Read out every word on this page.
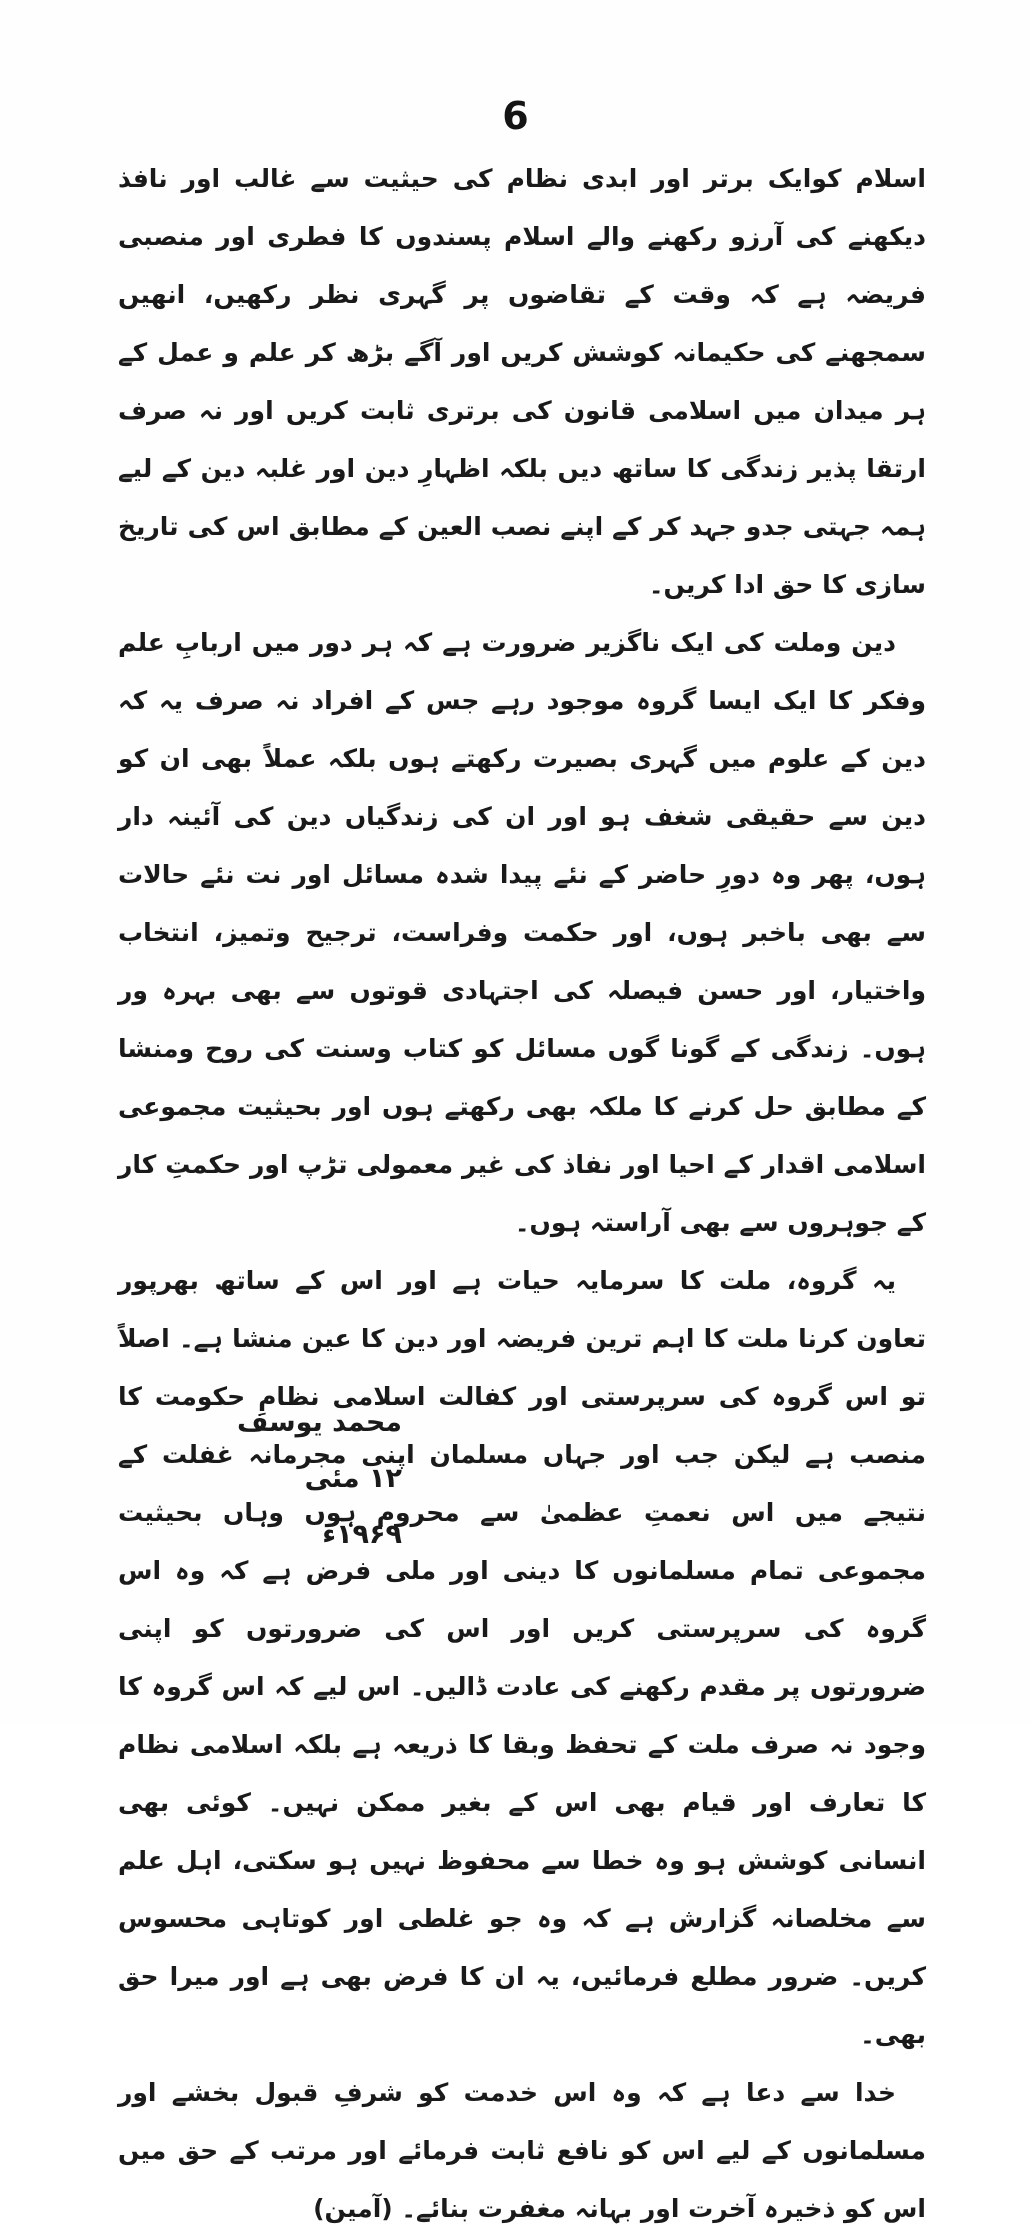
6

اسلام کوایک برتر اور ابدی نظام کی حیثیت سے غالب اور نافذ دیکھنے کی آرزو رکھنے والے اسلام پسندوں کا فطری اور منصبی فریضہ ہے کہ وقت کے تقاضوں پر گہری نظر رکھیں، انھیں سمجھنے کی حکیمانہ کوشش کریں اور آگے بڑھ کر علم و عمل کے ہر میدان میں اسلامی قانون کی برتری ثابت کریں اور نہ صرف ارتقا پذیر زندگی کا ساتھ دیں بلکہ اظہارِ دین اور غلبہ دین کے لیے ہمہ جہتی جدو جہد کر کے اپنے نصب العین کے مطابق اس کی تاریخ سازی کا حق ادا کریں۔

دین وملت کی ایک ناگزیر ضرورت ہے کہ ہر دور میں اربابِ علم وفکر کا ایک ایسا گروہ موجود رہے جس کے افراد نہ صرف یہ کہ دین کے علوم میں گہری بصیرت رکھتے ہوں بلکہ عملاً بھی ان کو دین سے حقیقی شغف ہو اور ان کی زندگیاں دین کی آئینہ دار ہوں، پھر وہ دورِ حاضر کے نئے پیدا شدہ مسائل اور نت نئے حالات سے بھی باخبر ہوں، اور حکمت وفراست، ترجیح وتمیز، انتخاب واختیار، اور حسن فیصلہ کی اجتہادی قوتوں سے بھی بہرہ ور ہوں۔ زندگی کے گونا گوں مسائل کو کتاب وسنت کی روح ومنشا کے مطابق حل کرنے کا ملکہ بھی رکھتے ہوں اور بحیثیت مجموعی اسلامی اقدار کے احیا اور نفاذ کی غیر معمولی تڑپ اور حکمتِ کار کے جوہروں سے بھی آراستہ ہوں۔

یہ گروہ، ملت کا سرمایہ حیات ہے اور اس کے ساتھ بھرپور تعاون کرنا ملت کا اہم ترین فریضہ اور دین کا عین منشا ہے۔ اصلاً تو اس گروہ کی سرپرستی اور کفالت اسلامی نظامِ حکومت کا منصب ہے لیکن جب اور جہاں مسلمان اپنی مجرمانہ غفلت کے نتیجے میں اس نعمتِ عظمیٰ سے محروم ہوں وہاں بحیثیت مجموعی تمام مسلمانوں کا دینی اور ملی فرض ہے کہ وہ اس گروہ کی سرپرستی کریں اور اس کی ضرورتوں کو اپنی ضرورتوں پر مقدم رکھنے کی عادت ڈالیں۔ اس لیے کہ اس گروہ کا وجود نہ صرف ملت کے تحفظ وبقا کا ذریعہ ہے بلکہ اسلامی نظام کا تعارف اور قیام بھی اس کے بغیر ممکن نہیں۔ کوئی بھی انسانی کوشش ہو وہ خطا سے محفوظ نہیں ہو سکتی، اہل علم سے مخلصانہ گزارش ہے کہ وہ جو غلطی اور کوتاہی محسوس کریں۔ ضرور مطلع فرمائیں، یہ ان کا فرض بھی ہے اور میرا حق بھی۔

خدا سے دعا ہے کہ وہ اس خدمت کو شرفِ قبول بخشے اور مسلمانوں کے لیے اس کو نافع ثابت فرمائے اور مرتب کے حق میں اس کو ذخیرہ آخرت اور بہانہ مغفرت بنائے۔ (آمین)

محمد یوسف
۱۲ مئی ۱۹۶۹ء
